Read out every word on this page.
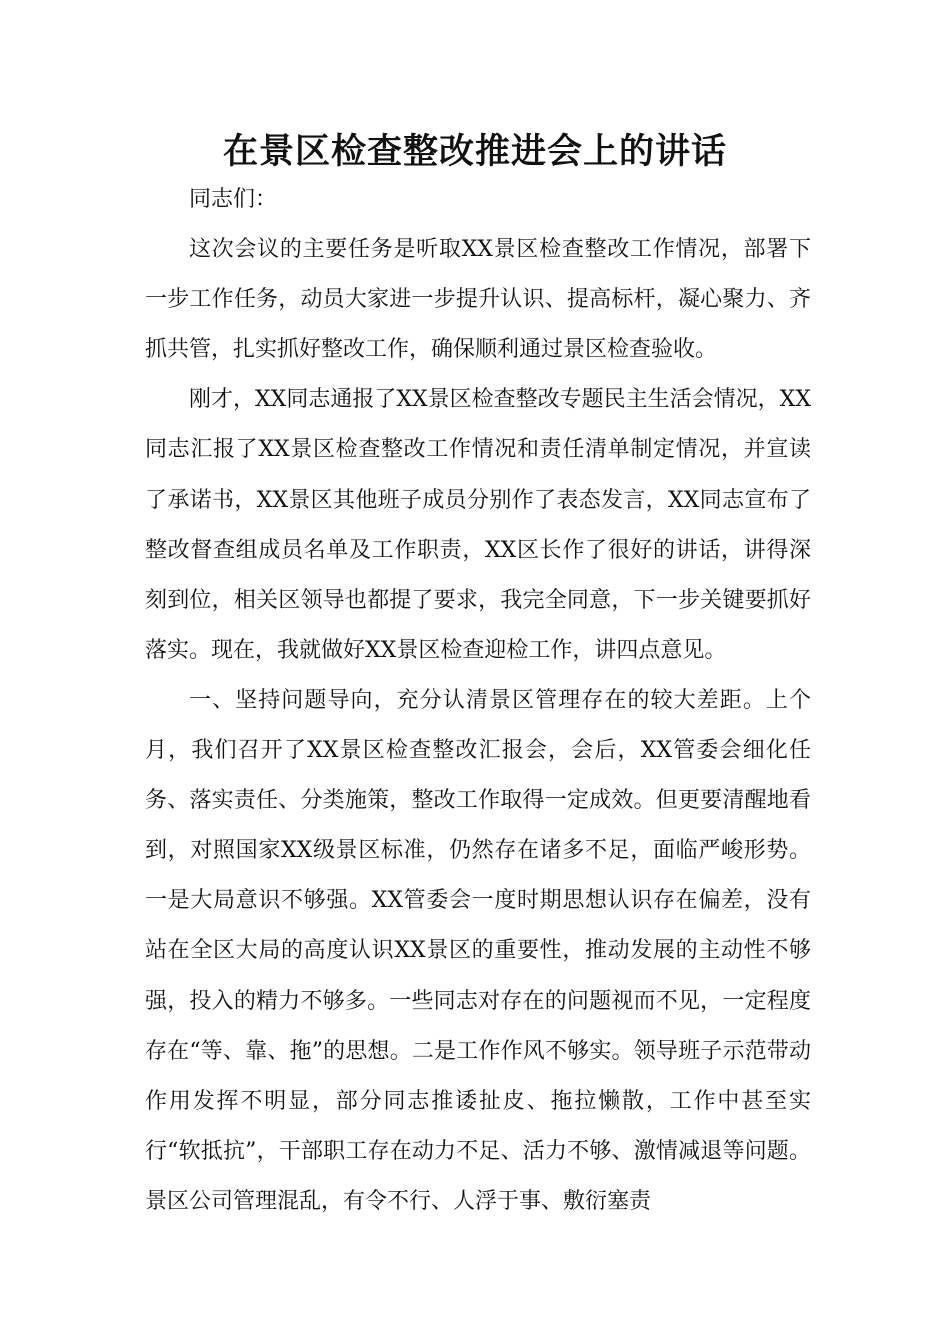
在景区检查整改推进会上的讲话

同志们：

这次会议的主要任务是听取XX景区检查整改工作情况，部署下一步工作任务，动员大家进一步提升认识、提高标杆，凝心聚力、齐抓共管，扎实抓好整改工作，确保顺利通过景区检查验收。

刚才，XX同志通报了XX景区检查整改专题民主生活会情况，XX同志汇报了XX景区检查整改工作情况和责任清单制定情况，并宣读了承诺书，XX景区其他班子成员分别作了表态发言，XX同志宣布了整改督查组成员名单及工作职责，XX区长作了很好的讲话，讲得深刻到位，相关区领导也都提了要求，我完全同意，下一步关键要抓好落实。现在，我就做好XX景区检查迎检工作，讲四点意见。

一、坚持问题导向，充分认清景区管理存在的较大差距。上个月，我们召开了XX景区检查整改汇报会，会后，XX管委会细化任务、落实责任、分类施策，整改工作取得一定成效。但更要清醒地看到，对照国家XX级景区标准，仍然存在诸多不足，面临严峻形势。一是大局意识不够强。XX管委会一度时期思想认识存在偏差，没有站在全区大局的高度认识XX景区的重要性，推动发展的主动性不够强，投入的精力不够多。一些同志对存在的问题视而不见，一定程度存在“等、靠、拖”的思想。二是工作作风不够实。领导班子示范带动作用发挥不明显，部分同志推诿扯皮、拖拉懒散，工作中甚至实行“软抵抗”，干部职工存在动力不足、活力不够、激情减退等问题。景区公司管理混乱，有令不行、人浮于事、敷衍塞责
